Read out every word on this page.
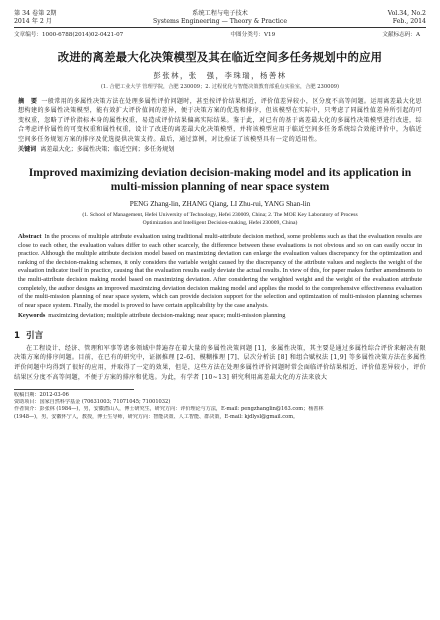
第 34 卷第 2期
2014 年 2 月
系统工程与电子技术
Systems Engineering — Theory & Practice
Vol.34, No.2
Feb., 2014
文章编号：1000-6788(2014)02-0421-07	中图分类号：V19	文献标志码：A
改进的离差最大化决策模型及其在临近空间多任务规划中的应用
彭张林，张　强，李珠瑞，杨善林
(1. 合肥工业大学 管理学院，合肥 230009；2. 过程优化与智能决策教育部重点实验室，合肥 230009)
摘　要 一般常用的多属性决策方法在处理多属性评价问题时，甚至按评价结果相近，评价值差异较小，区分度不高等问题。运用离差最大化思想构建的多属性决策模型，能有效扩大评价值间的差异，便于决策方案的优选和排序，但该模型在实际中，只考虑了同属性值差异所引起的可变权重，忽略了评价指标本身的属性权重，易造成评价结果偏离实际结果。鉴于此，对已有的基于离差最大化的多属性决策模型进行改进，综合考虑评价属性的可变权重和属性权重，设计了改进的离差最大化决策模型，并将该模型应用于临近空间多任务系统综合效能评价中，为临近空间多任务规划方案的排序及优选提供决策支持。最后，通过算例，对比验证了该模型具有一定的适用性。
关键词 离差最大化；多属性决策；临近空间；多任务规划
Improved maximizing deviation decision-making model and its application in multi-mission planning of near space system
PENG Zhang-lin, ZHANG Qiang, LI Zhu-rui, YANG Shan-lin
(1. School of Management, Hefei University of Technology, Hefei 230009, China; 2. The MOE Key Laboratory of Process
Optimization and Intelligent Decision-making, Hefei 230009, China)
Abstract In the process of multiple attribute evaluation using traditional multi-attribute decision method, some problems such as that the evaluation results are close to each other, the evaluation values differ to each other scarcely, the difference between these evaluations is not obvious and so on can easily occur in practice. Although the multiple attribute decision model based on maximizing deviation can enlarge the evaluation values discrepancy for the optimization and ranking of the decision-making schemes, it only considers the variable weight caused by the discrepancy of the attribute values and neglects the weight of the evaluation indicator itself in practice, causing that the evaluation results easily deviate the actual results. In view of this, for paper makes further amendments to the multi-attribute decision making model based on maximizing deviation. After considering the weighted weight and the weight of the evaluation attribute completely, the author designs an improved maximizing deviation decision making model and applies the model to the comprehensive effectiveness evaluation of the multi-mission planning of near space system, which can provide decision support for the selection and optimization of multi-mission planning schemes of near space system. Finally, the model is proved to have certain applicability by the case analysis.
Keywords maximizing deviation; multiple attribute decision-making; near space; multi-mission planning
1 引言
在工程设计、经济、管理和军事等诸多领域中普遍存在着大量的多属性决策问题 [1]，多属性决策，其主要是通过多属性综合评价来解决有限决策方案的排序问题。目前，在已有的研究中，证据推理 [2-6]、模糊推理 [7]、层次分析法 [8] 和组合赋权法 [1,9] 等多属性决策方法在多属性评价问题中均得到了很好的应用，并取得了一定的效果，但是，这些方法在处理多属性评价问题时常会面临评价结果相近、评价值差异较小，评价结果区分度不高等问题，不便于方案的排序和优选。为此，有学者 [10~13] 研究利用离差最大化的方法来放大
收稿日期：2012-03-06
资助项目：国家自然科学基金 (70631003; 71071045; 71001032)
作者简介：彭张林 (1984—)，男，安徽潜山人，博士研究生，研究方向：评价理论与方法，E-mail: pengzhanglin@163.com；杨善林
(1948—)，男，安徽怀宁人，教授，博士生导师，研究方向：智能决策、人工智能、群决策，E-mail: kjdlysl@gmail.com。
